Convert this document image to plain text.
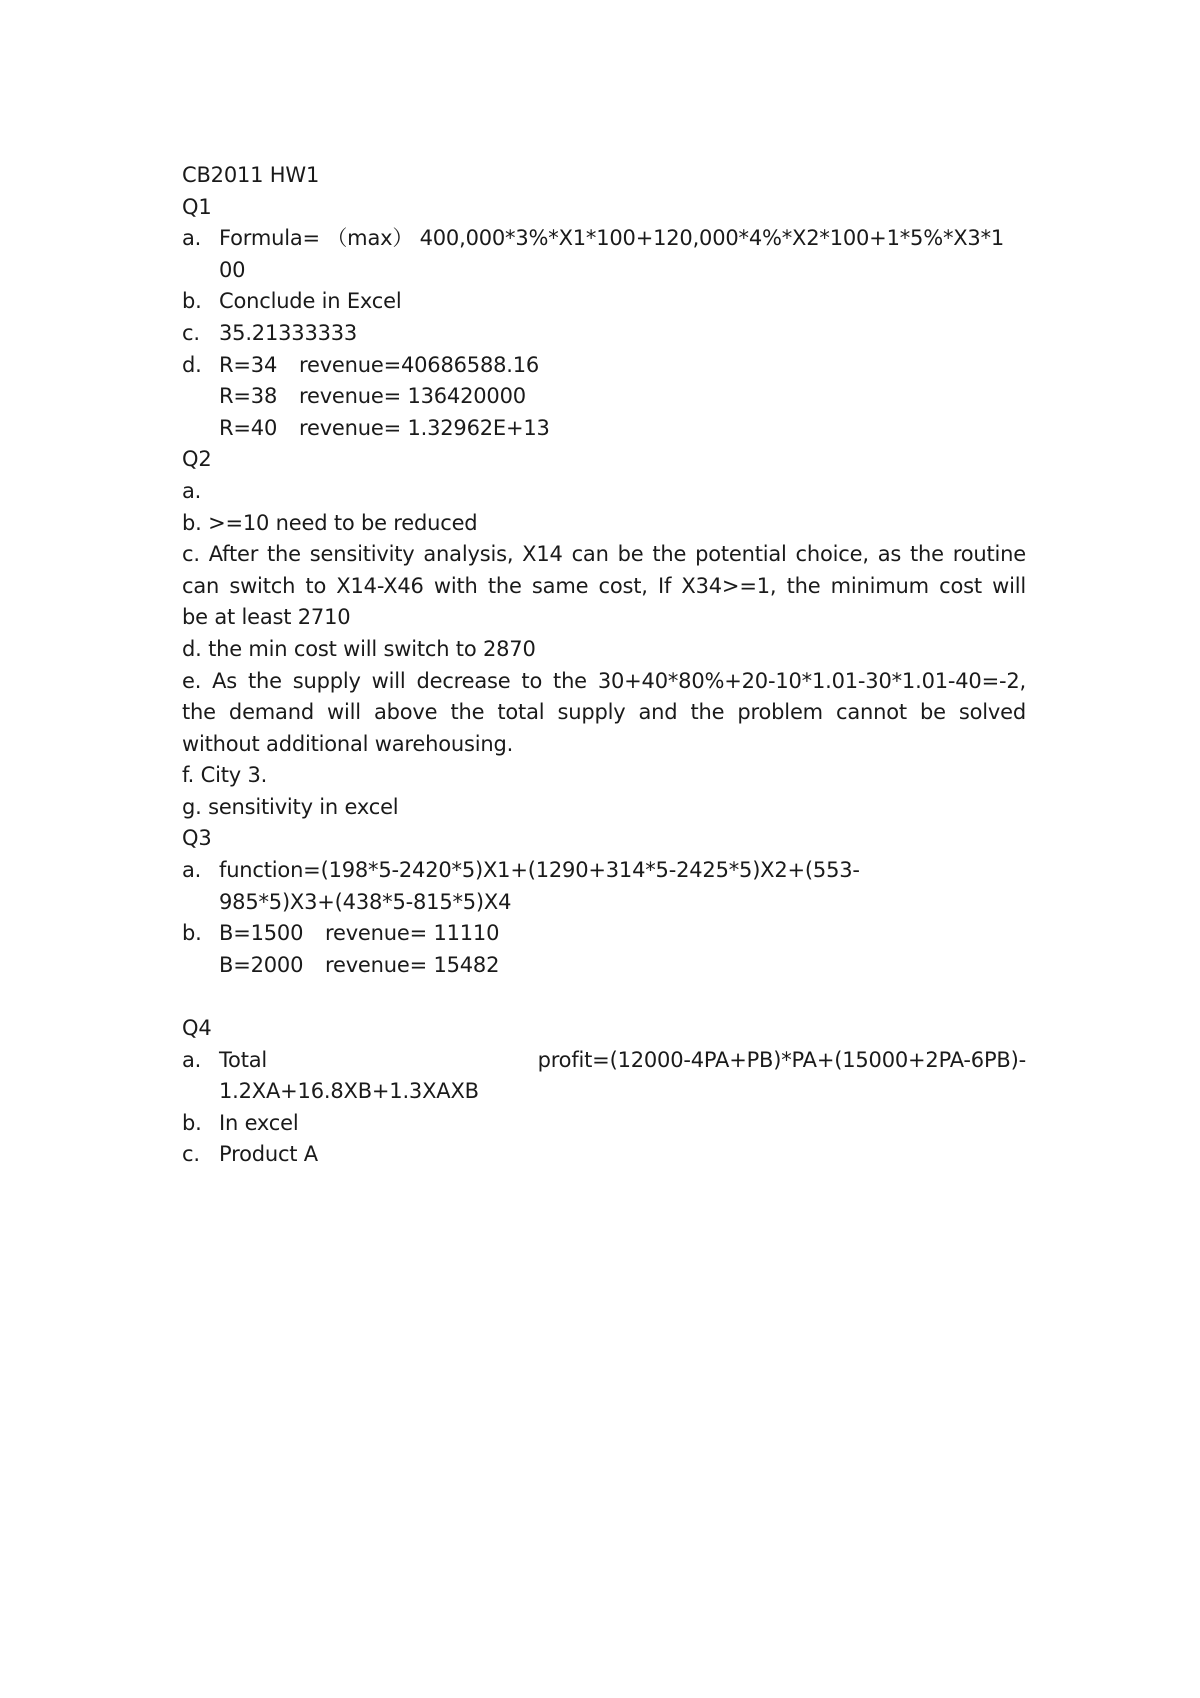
CB2011 HW1
Q1
a. Formula= （max） 400,000*3%*X1*100+120,000*4%*X2*100+1*5%*X3*1
00
b. Conclude in Excel
c. 35.21333333
d. R=34 revenue=40686588.16
R=38 revenue= 136420000
R=40 revenue= 1.32962E+13
Q2
a.
b. >=10 need to be reduced
c. After the sensitivity analysis, X14 can be the potential choice, as the routine
can switch to X14-X46 with the same cost, If X34>=1, the minimum cost will
be at least 2710
d. the min cost will switch to 2870
e. As the supply will decrease to the 30+40*80%+20-10*1.01-30*1.01-40=-2,
the demand will above the total supply and the problem cannot be solved
without additional warehousing.
f. City 3.
g. sensitivity in excel
Q3
a. function=(198*5-2420*5)X1+(1290+314*5-2425*5)X2+(553-
985*5)X3+(438*5-815*5)X4
b. B=1500 revenue= 11110
B=2000 revenue= 15482
Q4
a. Total	profit=(12000-4PA+PB)*PA+(15000+2PA-6PB)-
1.2XA+16.8XB+1.3XAXB
b. In excel
c. Product A
